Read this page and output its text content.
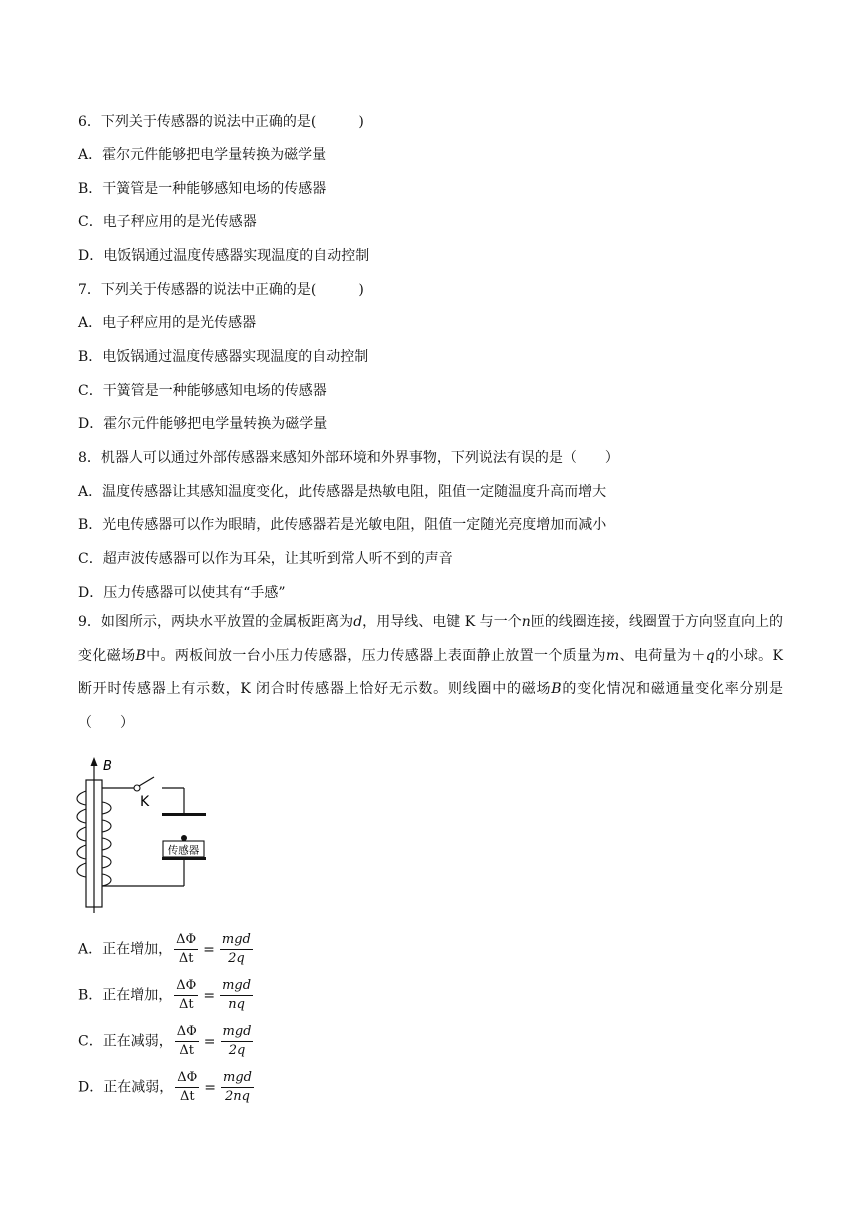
6．下列关于传感器的说法中正确的是(　　　)
A．霍尔元件能够把电学量转换为磁学量
B．干簧管是一种能够感知电场的传感器
C．电子秤应用的是光传感器
D．电饭锅通过温度传感器实现温度的自动控制
7．下列关于传感器的说法中正确的是(　　　)
A．电子秤应用的是光传感器
B．电饭锅通过温度传感器实现温度的自动控制
C．干簧管是一种能够感知电场的传感器
D．霍尔元件能够把电学量转换为磁学量
8．机器人可以通过外部传感器来感知外部环境和外界事物，下列说法有误的是（　　）
A．温度传感器让其感知温度变化，此传感器是热敏电阻，阻值一定随温度升高而增大
B．光电传感器可以作为眼睛，此传感器若是光敏电阻，阻值一定随光亮度增加而减小
C．超声波传感器可以作为耳朵，让其听到常人听不到的声音
D．压力传感器可以使其有“手感”
9．如图所示，两块水平放置的金属板距离为d，用导线、电键 K 与一个n匝的线圈连接，线圈置于方向竖直向上的变化磁场B中。两板间放一台小压力传感器，压力传感器上表面静止放置一个质量为m、电荷量为＋q的小球。K 断开时传感器上有示数，K 闭合时传感器上恰好无示数。则线圈中的磁场B的变化情况和磁通量变化率分别是（　　）
B
K
传感器
A．正在增加， $\frac{\Delta\Phi}{\Delta t} = \frac{\text{mgd}}{2q}$
B．正在增加， $\frac{\Delta\Phi}{\Delta t} = \frac{\text{mgd}}{nq}$
C．正在减弱， $\frac{\Delta\Phi}{\Delta t} = \frac{\text{mgd}}{2q}$
D．正在减弱， $\frac{\Delta\Phi}{\Delta t} = \frac{\text{mgd}}{2nq}$
